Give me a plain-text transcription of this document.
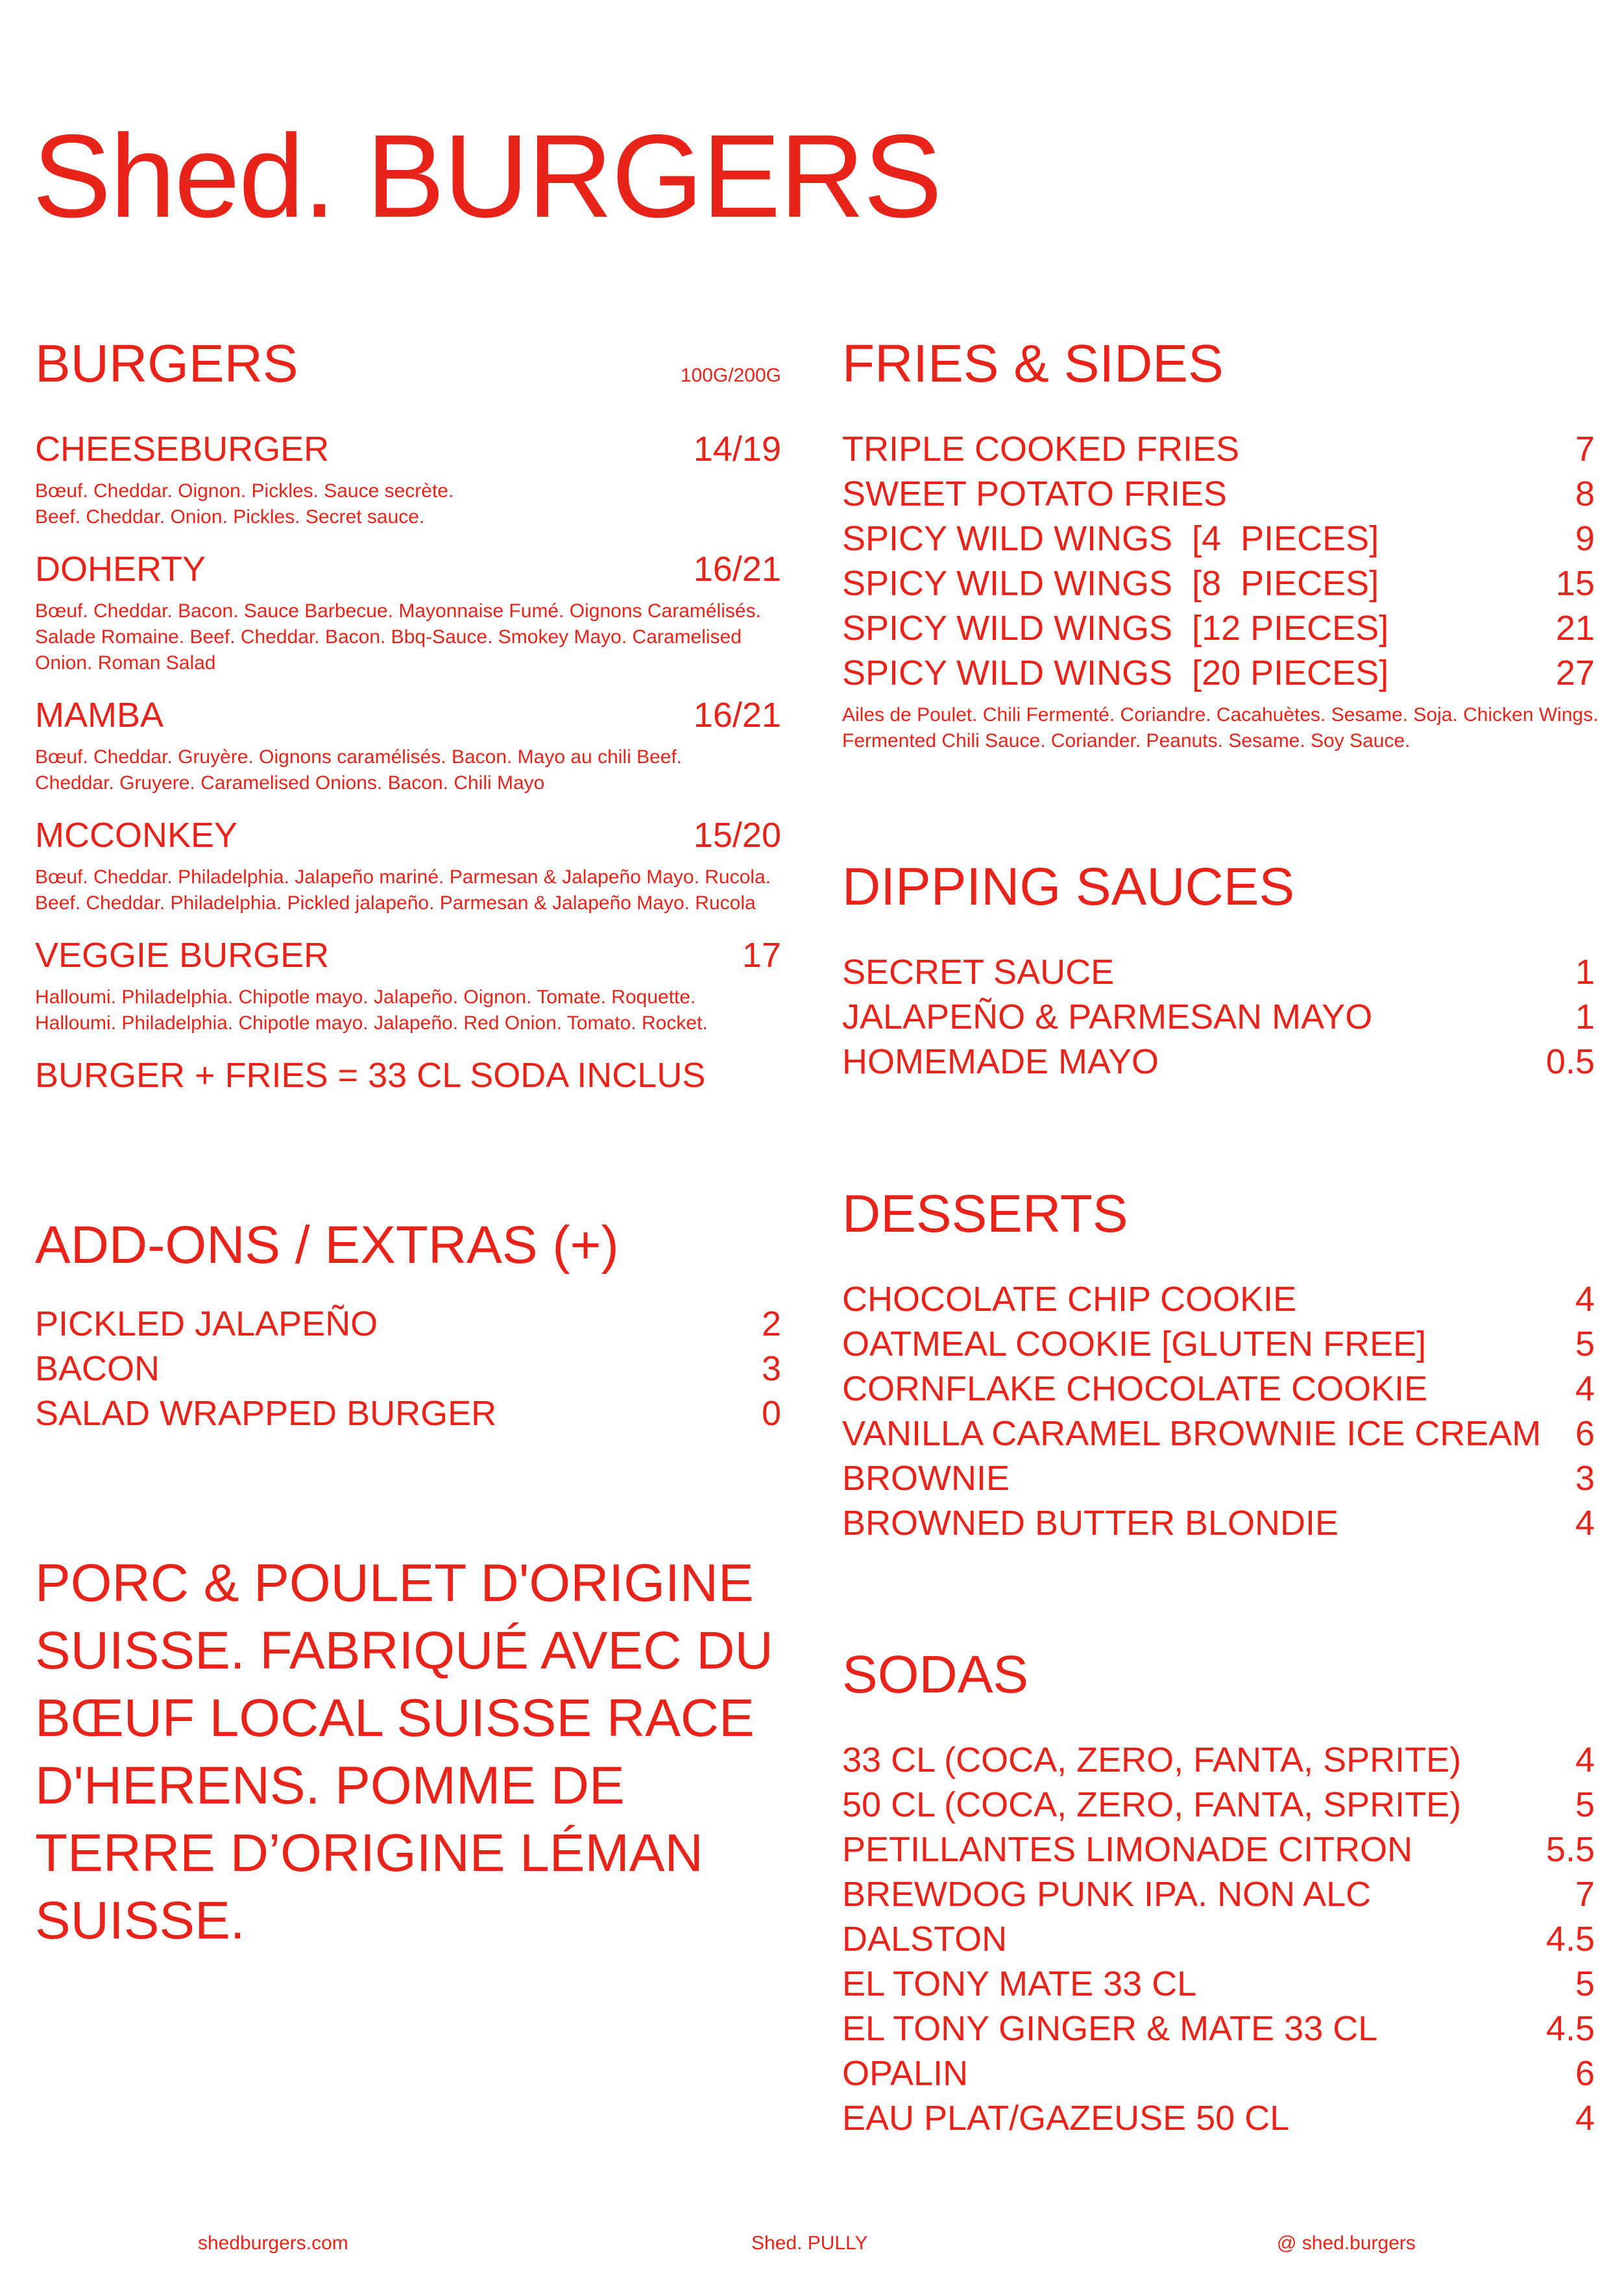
Shed. BURGERS
BURGERS	100G/200G
CHEESEBURGER	14/19
Bœuf. Cheddar. Oignon. Pickles. Sauce secrète. Beef. Cheddar. Onion. Pickles. Secret sauce.
DOHERTY	16/21
Bœuf. Cheddar. Bacon. Sauce Barbecue. Mayonnaise Fumé. Oignons Caramélisés. Salade Romaine. Beef. Cheddar. Bacon. Bbq-Sauce. Smokey Mayo. Caramelised Onion. Roman Salad
MAMBA	16/21
Bœuf. Cheddar. Gruyère. Oignons caramélisés. Bacon. Mayo au chili Beef. Cheddar. Gruyere. Caramelised Onions. Bacon. Chili Mayo
MCCONKEY	15/20
Bœuf. Cheddar. Philadelphia. Jalapeño mariné. Parmesan & Jalapeño Mayo. Rucola. Beef. Cheddar. Philadelphia. Pickled jalapeño. Parmesan & Jalapeño Mayo. Rucola
VEGGIE BURGER	17
Halloumi. Philadelphia. Chipotle mayo. Jalapeño. Oignon. Tomate. Roquette. Halloumi. Philadelphia. Chipotle mayo. Jalapeño. Red Onion. Tomato. Rocket.
BURGER + FRIES = 33 CL SODA INCLUS
ADD-ONS / EXTRAS (+)
PICKLED JALAPEÑO	2
BACON	3
SALAD WRAPPED BURGER	0
PORC & POULET D'ORIGINE SUISSE. FABRIQUÉ AVEC DU BŒUF LOCAL SUISSE RACE D'HERENS. POMME DE TERRE D’ORIGINE LÉMAN SUISSE.
FRIES & SIDES
TRIPLE COOKED FRIES	7
SWEET POTATO FRIES	8
SPICY WILD WINGS  [4  PIECES]	9
SPICY WILD WINGS  [8  PIECES]	15
SPICY WILD WINGS  [12 PIECES]	21
SPICY WILD WINGS  [20 PIECES]	27
Ailes de Poulet. Chili Fermenté. Coriandre. Cacahuètes. Sesame. Soja. Chicken Wings. Fermented Chili Sauce. Coriander. Peanuts. Sesame. Soy Sauce.
DIPPING SAUCES
SECRET SAUCE	1
JALAPEÑO & PARMESAN MAYO	1
HOMEMADE MAYO	0.5
DESSERTS
CHOCOLATE CHIP COOKIE	4
OATMEAL COOKIE [GLUTEN FREE]	5
CORNFLAKE CHOCOLATE COOKIE	4
VANILLA CARAMEL BROWNIE ICE CREAM 6
BROWNIE	3
BROWNED BUTTER BLONDIE	4
SODAS
33 CL (COCA, ZERO, FANTA, SPRITE)	4
50 CL (COCA, ZERO, FANTA, SPRITE)	5
PETILLANTES LIMONADE CITRON	5.5
BREWDOG PUNK IPA. NON ALC	7
DALSTON	4.5
EL TONY MATE 33 CL	5
EL TONY GINGER & MATE 33 CL	4.5
OPALIN	6
EAU PLAT/GAZEUSE 50 CL	4
shedburgers.com	Shed. PULLY	@ shed.burgers
